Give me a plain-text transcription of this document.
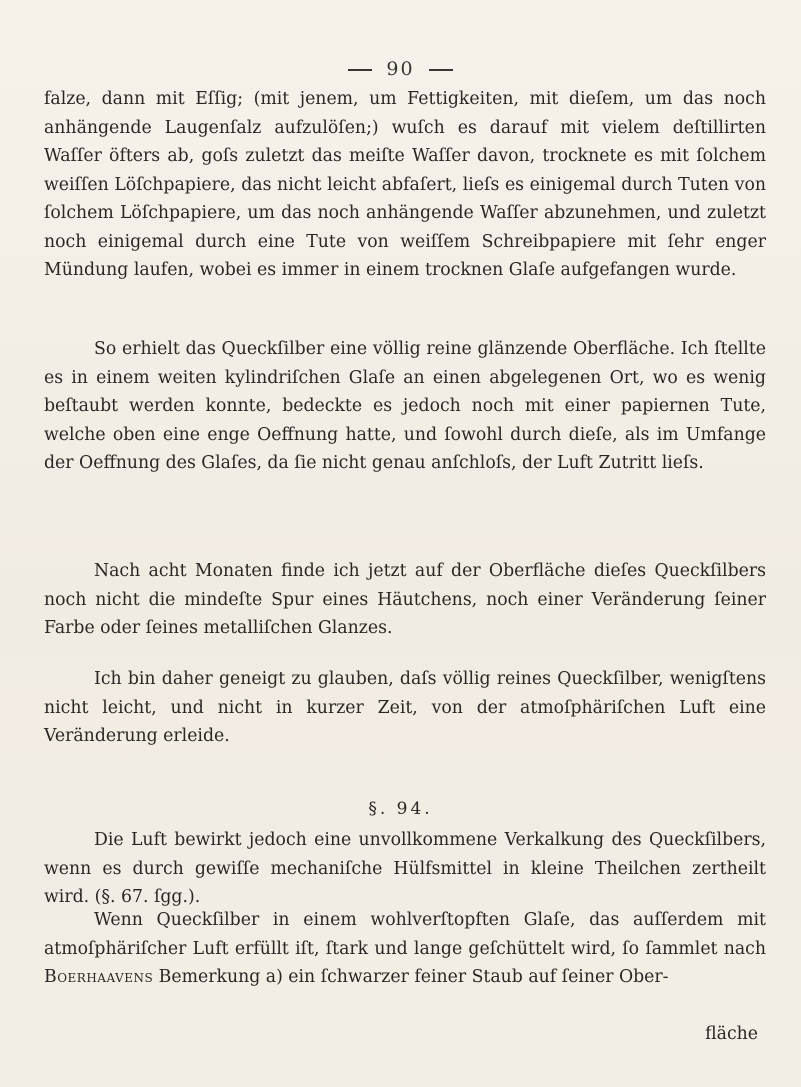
90

falze, dann mit Eſſig; (mit jenem, um Fettigkeiten, mit dieſem, um das noch anhängende Laugenſalz aufzulöſen;) wuſch es darauf mit vielem deſtillirten Waſſer öfters ab, goſs zuletzt das meiſte Waſſer davon, trocknete es mit ſolchem weiſſen Löſchpapiere, das nicht leicht abfaſert, lieſs es einigemal durch Tuten von ſolchem Löſchpapiere, um das noch anhängende Waſſer abzunehmen, und zuletzt noch einigemal durch eine Tute von weiſſem Schreibpapiere mit ſehr enger Mündung laufen, wobei es immer in einem trocknen Glaſe aufgefangen wurde.

So erhielt das Queckſilber eine völlig reine glänzende Oberfläche. Ich ſtellte es in einem weiten kylindriſchen Glaſe an einen abgelegenen Ort, wo es wenig beſtaubt werden konnte, bedeckte es jedoch noch mit einer papiernen Tute, welche oben eine enge Oeffnung hatte, und ſowohl durch dieſe, als im Umfange der Oeffnung des Glaſes, da ſie nicht genau anſchloſs, der Luft Zutritt lieſs.

Nach acht Monaten finde ich jetzt auf der Oberfläche dieſes Queckſilbers noch nicht die mindeſte Spur eines Häutchens, noch einer Veränderung ſeiner Farbe oder ſeines metalliſchen Glanzes.

Ich bin daher geneigt zu glauben, daſs völlig reines Queckſilber, wenigſtens nicht leicht, und nicht in kurzer Zeit, von der atmoſphäriſchen Luft eine Veränderung erleide.

§. 94.

Die Luft bewirkt jedoch eine unvollkommene Verkalkung des Queckſilbers, wenn es durch gewiſſe mechaniſche Hülfsmittel in kleine Theilchen zertheilt wird. (§. 67. ſgg.).

Wenn Queckſilber in einem wohlverſtopften Glaſe, das auſſerdem mit atmoſphäriſcher Luft erfüllt iſt, ſtark und lange geſchüttelt wird, ſo ſammlet nach Boerhaavens Bemerkung a) ein ſchwarzer feiner Staub auf ſeiner Ober-

fläche
